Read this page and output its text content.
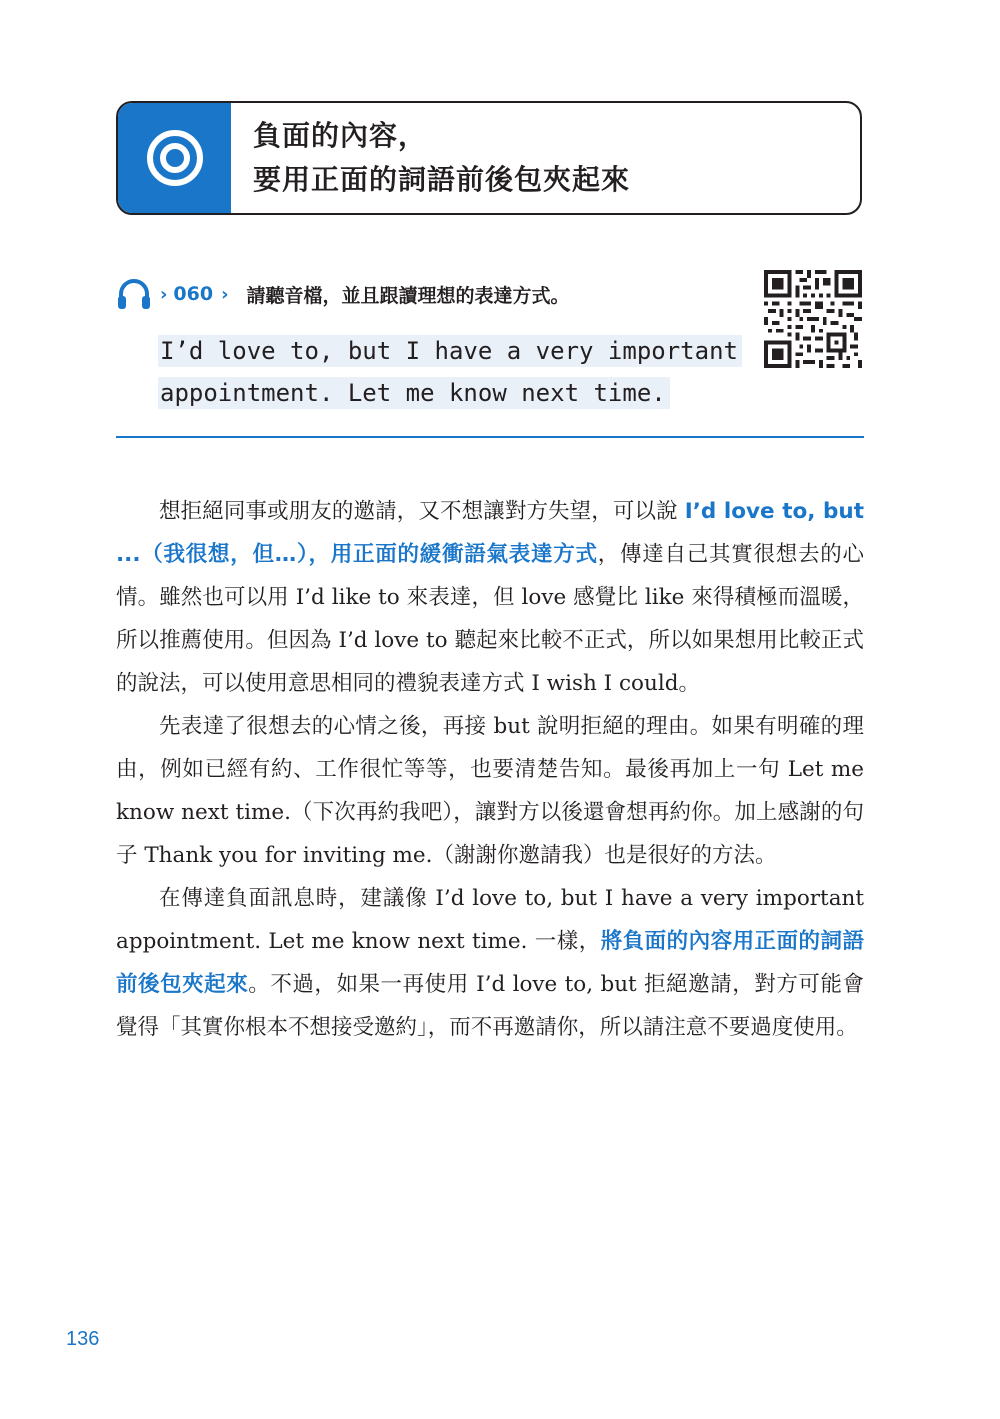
負面的內容，
要用正面的詞語前後包夾起來
› 060 › 請聽音檔，並且跟讀理想的表達方式。
I’d love to, but I have a very important
appointment. Let me know next time.

想拒絕同事或朋友的邀請，又不想讓對方失望，可以說 I’d love to, but ...（我很想，但…），用正面的緩衝語氣表達方式，傳達自己其實很想去的心情。雖然也可以用 I’d like to 來表達，但 love 感覺比 like 來得積極而溫暖，所以推薦使用。但因為 I’d love to 聽起來比較不正式，所以如果想用比較正式的說法，可以使用意思相同的禮貌表達方式 I wish I could。

先表達了很想去的心情之後，再接 but 說明拒絕的理由。如果有明確的理由，例如已經有約、工作很忙等等，也要清楚告知。最後再加上一句 Let me know next time.（下次再約我吧），讓對方以後還會想再約你。加上感謝的句子 Thank you for inviting me.（謝謝你邀請我）也是很好的方法。

在傳達負面訊息時，建議像 I’d love to, but I have a very important appointment. Let me know next time. 一樣，將負面的內容用正面的詞語前後包夾起來。不過，如果一再使用 I’d love to, but 拒絕邀請，對方可能會覺得「其實你根本不想接受邀約」，而不再邀請你，所以請注意不要過度使用。

136
